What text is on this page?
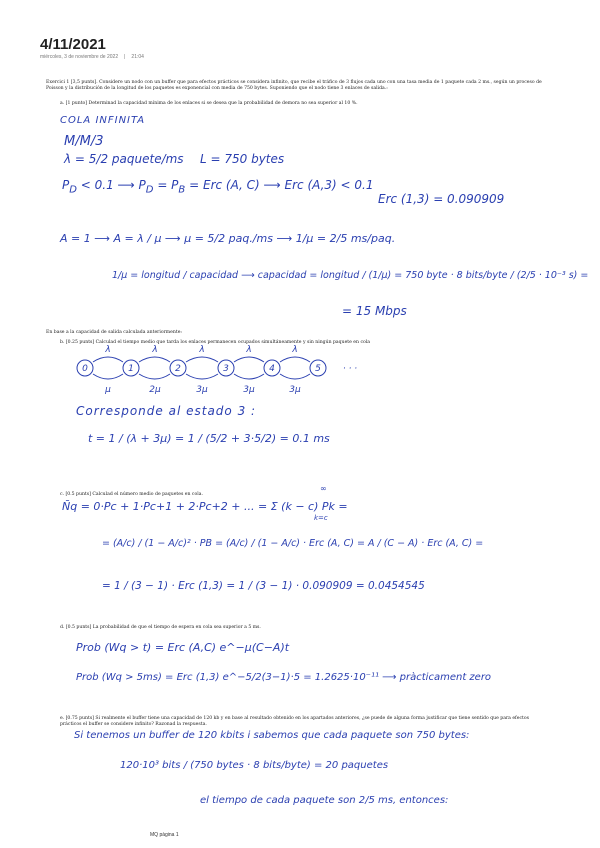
4/11/2021
miércoles, 3 de noviembre de 2022 | 21:04
Exercici 1 [3,5 punts]. Considere un nodo con un buffer que para efectos prácticos se considera infinito, que recibe el tráfico de 3 flujos cada uno con una tasa media de 1 paquete cada 2 ms., según un proceso de Poisson y la distribución de la longitud de los paquetes es exponencial con media de 750 bytes. Suponiendo que el nodo tiene 3 enlaces de salida.:
a. [1 punto] Determinad la capacidad mínima de los enlaces si se desea que la probabilidad de demora no sea superior al 10 %.
En base a la capacidad de salida calculada anteriormente:
b. [0.25 punts] Calculad el tiempo medio que tarda los enlaces permanecen ocupados simultáneamente y sin ningún paquete en cola
c. [0.5 punts] Calculad el número medio de paquetes en cola.
d. [0.5 punts] La probabilidad de que el tiempo de espera en cola sea superior a 5 ms.
e. [0.75 punts] Si realmente el buffer tiene una capacidad de 120 kb y en base al resultado obtenido en los apartados anteriores, ¿se puede de alguna forma justificar que tiene sentido que para efectos prácticos el buffer se considere infinito? Razonad la respuesta.
COLA INFINITA
M/M/3
λ = 5/2 paquete/ms L = 750 bytes
$P_D < 0.1$ ⟶ $P_D = P_B$ = Erc (A, C) ⟶ Erc (A,3) < 0.1
Erc (1,3) = 0.090909
A = 1 ⟶ A = λ / μ ⟶ μ = 5/2 paq./ms ⟶ 1/μ = 2/5 ms/paq.
1/μ = longitud / capacidad ⟶ capacidad = longitud / (1/μ) = 750 byte · 8 bits/byte / (2/5 · 10⁻³ s) =
= 15 Mbps
0	1	2	3	4	5
λ	λ	λ	λ	λ
μ	2μ	3μ	3μ	3μ
· · ·
Corresponde al estado 3 :
t = 1 / (λ + 3μ) = 1 / (5/2 + 3·5/2) = 0.1 ms
∞
N̄q = 0·Pc + 1·Pc+1 + 2·Pc+2 + ... = Σ (k − c) Pk =
k=c
= (A/c) / (1 − A/c)² · PB = (A/c) / (1 − A/c) · Erc (A, C) = A / (C − A) · Erc (A, C) =
= 1 / (3 − 1) · Erc (1,3) = 1 / (3 − 1) · 0.090909 = 0.0454545
Prob (Wq > t) = Erc (A,C) e^−μ(C−A)t
Prob (Wq > 5ms) = Erc (1,3) e^−5/2(3−1)·5 = 1.2625·10⁻¹¹ ⟶ pràcticament zero
Si tenemos un buffer de 120 kbits i sabemos que cada paquete son 750 bytes:
120·10³ bits / (750 bytes · 8 bits/byte) = 20 paquetes
el tiempo de cada paquete son 2/5 ms, entonces:
MQ pàgina 1
